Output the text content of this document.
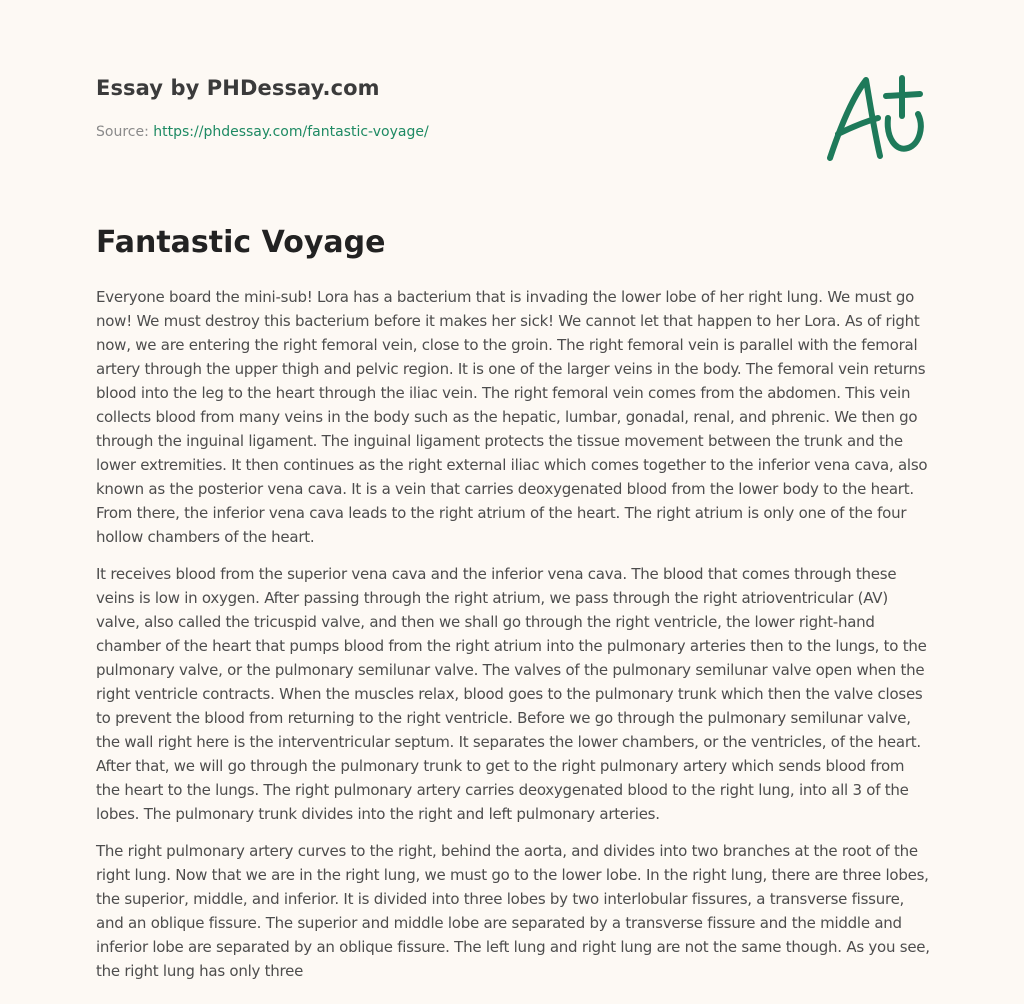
Essay by PHDessay.com
Source: https://phdessay.com/fantastic-voyage/
Fantastic Voyage

Everyone board the mini-sub! Lora has a bacterium that is invading the lower lobe of her right lung. We must go now! We must destroy this bacterium before it makes her sick! We cannot let that happen to her Lora. As of right now, we are entering the right femoral vein, close to the groin. The right femoral vein is parallel with the femoral artery through the upper thigh and pelvic region. It is one of the larger veins in the body. The femoral vein returns blood into the leg to the heart through the iliac vein. The right femoral vein comes from the abdomen. This vein collects blood from many veins in the body such as the hepatic, lumbar, gonadal, renal, and phrenic. We then go through the inguinal ligament. The inguinal ligament protects the tissue movement between the trunk and the lower extremities. It then continues as the right external iliac which comes together to the inferior vena cava, also known as the posterior vena cava. It is a vein that carries deoxygenated blood from the lower body to the heart. From there, the inferior vena cava leads to the right atrium of the heart. The right atrium is only one of the four hollow chambers of the heart.

It receives blood from the superior vena cava and the inferior vena cava. The blood that comes through these veins is low in oxygen. After passing through the right atrium, we pass through the right atrioventricular (AV) valve, also called the tricuspid valve, and then we shall go through the right ventricle, the lower right-hand chamber of the heart that pumps blood from the right atrium into the pulmonary arteries then to the lungs, to the pulmonary valve, or the pulmonary semilunar valve. The valves of the pulmonary semilunar valve open when the right ventricle contracts. When the muscles relax, blood goes to the pulmonary trunk which then the valve closes to prevent the blood from returning to the right ventricle. Before we go through the pulmonary semilunar valve, the wall right here is the interventricular septum. It separates the lower chambers, or the ventricles, of the heart. After that, we will go through the pulmonary trunk to get to the right pulmonary artery which sends blood from the heart to the lungs. The right pulmonary artery carries deoxygenated blood to the right lung, into all 3 of the lobes. The pulmonary trunk divides into the right and left pulmonary arteries.

The right pulmonary artery curves to the right, behind the aorta, and divides into two branches at the root of the right lung. Now that we are in the right lung, we must go to the lower lobe. In the right lung, there are three lobes, the superior, middle, and inferior. It is divided into three lobes by two interlobular fissures, a transverse fissure, and an oblique fissure. The superior and middle lobe are separated by a transverse fissure and the middle and inferior lobe are separated by an oblique fissure. The left lung and right lung are not the same though. As you see, the right lung has only three
